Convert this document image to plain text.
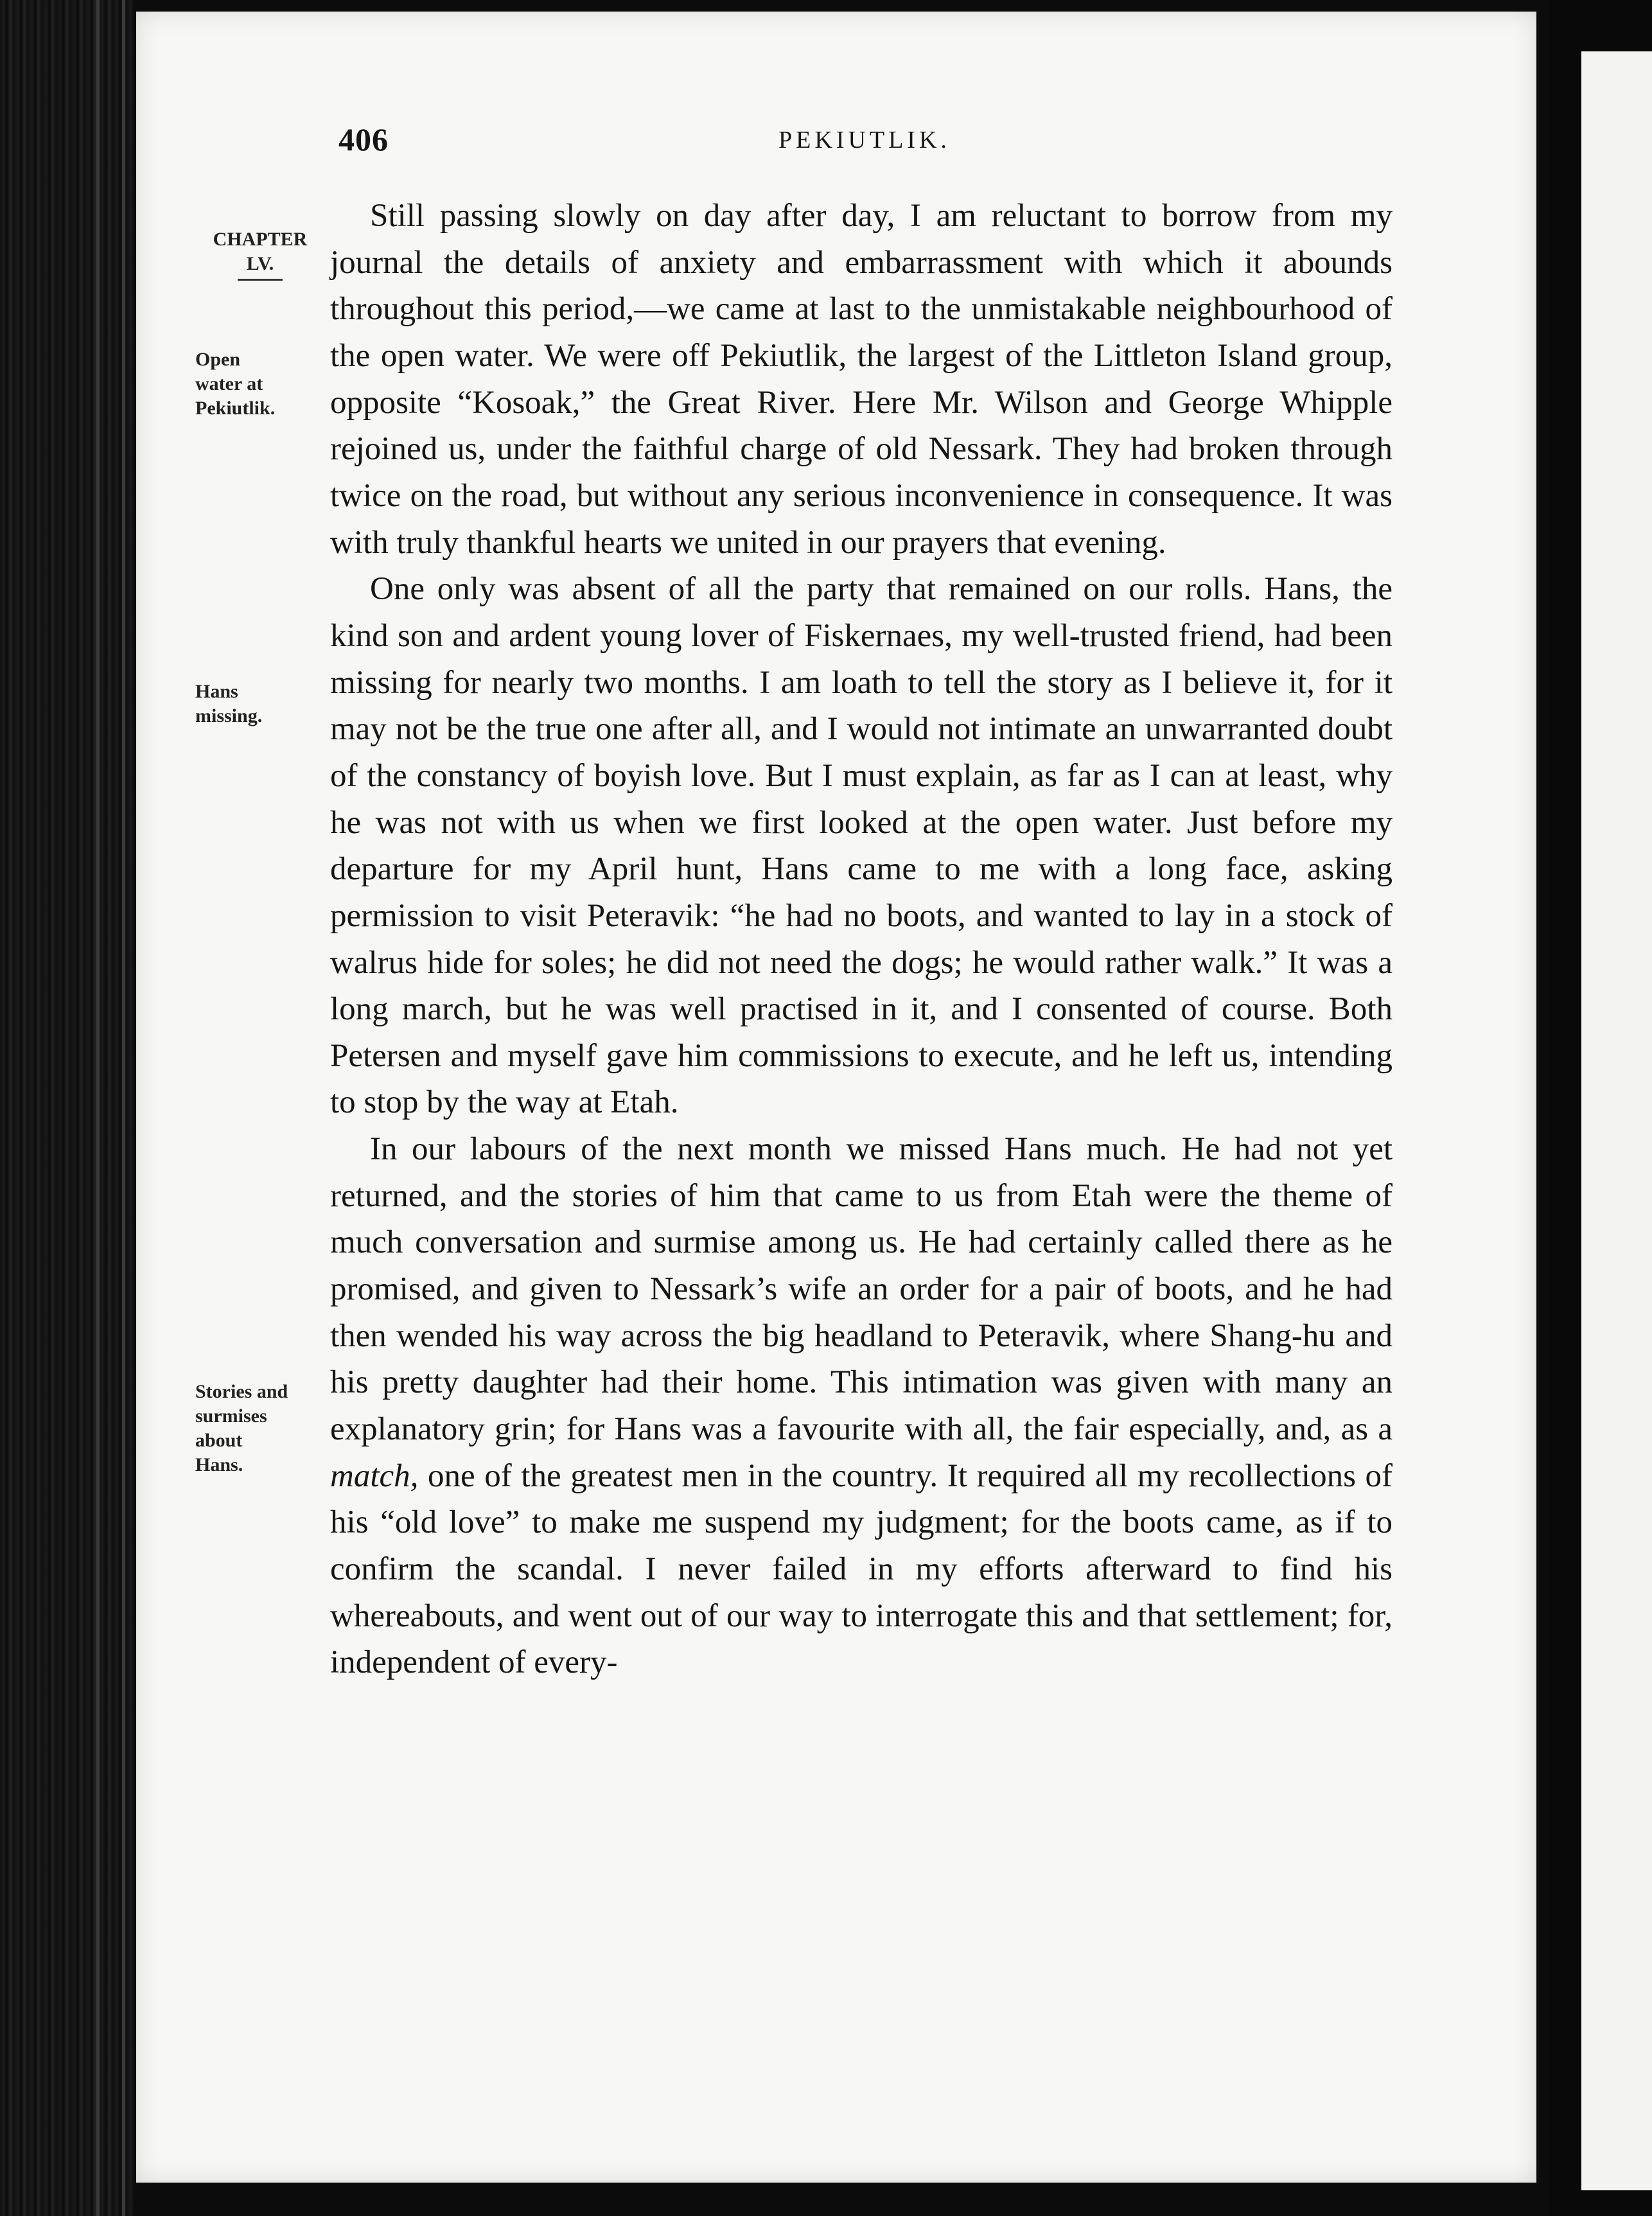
406	PEKIUTLIK.

CHAPTER
LV.

Open
water at
Pekiutlik.
Hans
missing.
Stories and
surmises
about
Hans.

Still passing slowly on day after day, I am reluctant to borrow from my journal the details of anxiety and embarrassment with which it abounds throughout this period,—we came at last to the unmistakable neighbourhood of the open water. We were off Pekiutlik, the largest of the Littleton Island group, opposite “Kosoak,” the Great River. Here Mr. Wilson and George Whipple rejoined us, under the faithful charge of old Nessark. They had broken through twice on the road, but without any serious inconvenience in consequence. It was with truly thankful hearts we united in our prayers that evening.

One only was absent of all the party that remained on our rolls. Hans, the kind son and ardent young lover of Fiskernaes, my well-trusted friend, had been missing for nearly two months. I am loath to tell the story as I believe it, for it may not be the true one after all, and I would not intimate an unwarranted doubt of the constancy of boyish love. But I must explain, as far as I can at least, why he was not with us when we first looked at the open water. Just before my departure for my April hunt, Hans came to me with a long face, asking permission to visit Peteravik: “he had no boots, and wanted to lay in a stock of walrus hide for soles; he did not need the dogs; he would rather walk.” It was a long march, but he was well practised in it, and I consented of course. Both Petersen and myself gave him commissions to execute, and he left us, intending to stop by the way at Etah.

In our labours of the next month we missed Hans much. He had not yet returned, and the stories of him that came to us from Etah were the theme of much conversation and surmise among us. He had certainly called there as he promised, and given to Nessark’s wife an order for a pair of boots, and he had then wended his way across the big headland to Peteravik, where Shang-hu and his pretty daughter had their home. This intimation was given with many an explanatory grin; for Hans was a favourite with all, the fair especially, and, as a match, one of the greatest men in the country. It required all my recollections of his “old love” to make me suspend my judgment; for the boots came, as if to confirm the scandal. I never failed in my efforts afterward to find his whereabouts, and went out of our way to interrogate this and that settlement; for, independent of every-
